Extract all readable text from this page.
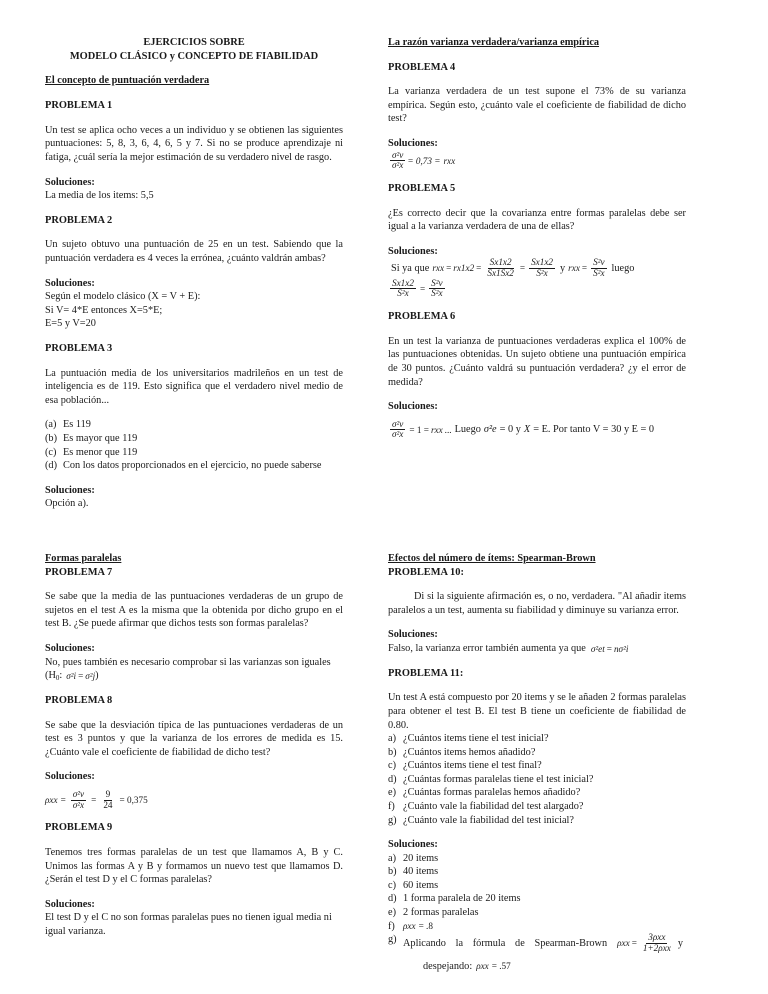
EJERCICIOS SOBRE
MODELO CLÁSICO y CONCEPTO DE FIABILIDAD
El concepto de puntuación verdadera
PROBLEMA 1
Un test se aplica ocho veces a un individuo y se obtienen las siguientes puntuaciones: 5, 8, 3, 6, 4, 6, 5 y 7. Si no se produce aprendizaje ni fatiga, ¿cuál sería la mejor estimación de su verdadero nivel de rasgo.
Soluciones:
La media de los items: 5,5
PROBLEMA 2
Un sujeto obtuvo una puntuación de 25 en un test. Sabiendo que la puntuación verdadera es 4 veces la errónea, ¿cuánto valdrán ambas?
Soluciones:
Según el modelo clásico (X = V + E):
Si V= 4*E entonces X=5*E;
E=5 y V=20
PROBLEMA 3
La puntuación media de los universitarios madrileños en un test de inteligencia es de 119. Esto significa que el verdadero nivel medio de esa población...
(a) Es 119
(b) Es mayor que 119
(c) Es menor que 119
(d) Con los datos proporcionados en el ejercicio, no puede saberse
Soluciones:
Opción a).
La razón varianza verdadera/varianza empírica
PROBLEMA 4
La varianza verdadera de un test supone el 73% de su varianza empírica. Según esto, ¿cuánto vale el coeficiente de fiabilidad de dicho test?
Soluciones:
$\frac{\text{σ²v}}{\text{σ²x}} = 0,73$ = rxx
PROBLEMA 5
¿Es correcto decir que la covarianza entre formas paralelas debe ser igual a la varianza verdadera de una de ellas?
Soluciones:
Si ya que rxx = $rx1x2 = \frac{Sx1x2}{Sx1Sx2} = \frac{Sx1x2}{\text{S²x}}$ y rxx = $\frac{\text{S²v}}{\text{S²x}}$ luego
$\frac{Sx1x2}{\text{S²x}} = \frac{\text{S²v}}{\text{S²x}}$
PROBLEMA 6
En un test la varianza de puntuaciones verdaderas explica el 100% de las puntuaciones obtenidas. Un sujeto obtiene una puntuación empírica de 30 puntos. ¿Cuánto valdrá su puntuación verdadera? ¿y el error de medida?
Soluciones:
$\frac{\text{σ²v}}{\text{σ²x}} = 1$ = rxx ... Luego σ²e = 0 y X = E. Por tanto V = 30 y E = 0
Formas paralelas
PROBLEMA 7
Se sabe que la media de las puntuaciones verdaderas de un grupo de sujetos en el test A es la misma que la obtenida por dicho grupo en el test B. ¿Se puede afirmar que dichos tests son formas paralelas?
Soluciones:
No, pues también es necesario comprobar si las varianzas son iguales
(H0: σ²i = σ²j )
PROBLEMA 8
Se sabe que la desviación típica de las puntuaciones verdaderas de un test es 3 puntos y que la varianza de los errores de medida es 15. ¿Cuánto vale el coeficiente de fiabilidad de dicho test?
Soluciones:
$\rho xx = \frac{\text{σ²v}}{\text{σ²x}} = \frac{9}{24} = 0,375$
PROBLEMA 9
Tenemos tres formas paralelas de un test que llamamos A, B y C. Unimos las formas A y B y formamos un nuevo test que llamamos D. ¿Serán el test D y el C formas paralelas?
Soluciones:
El test D y el C no son formas paralelas pues no tienen igual media ni igual varianza.
Efectos del número de ítems: Spearman-Brown
PROBLEMA 10:
Di si la siguiente afirmación es, o no, verdadera. "Al añadir items paralelos a un test, aumenta su fiabilidad y diminuye su varianza error.
Soluciones:
Falso, la varianza error también aumenta ya que σ²et = nσ²i
PROBLEMA 11:
Un test A está compuesto por 20 items y se le añaden 2 formas paralelas para obtener el test B. El test B tiene un coeficiente de fiabilidad de 0.80.
a) ¿Cuántos items tiene el test inicial?
b) ¿Cuántos items hemos añadido?
c) ¿Cuántos items tiene el test final?
d) ¿Cuántas formas paralelas tiene el test inicial?
e) ¿Cuántas formas paralelas hemos añadido?
f) ¿Cuánto vale la fiabilidad del test alargado?
g) ¿Cuánto vale la fiabilidad del test inicial?
Soluciones:
a) 20 items
b) 40 items
c) 60 items
d) 1 forma paralela de 20 items
e) 2 formas paralelas
f) ρxx = .8
g) Aplicando la fórmula de Spearman-Brown $\rho xx = \frac{\text{3ρxx}}{\text{1+2ρxx}}$ y
despejando: ρxx = .57
